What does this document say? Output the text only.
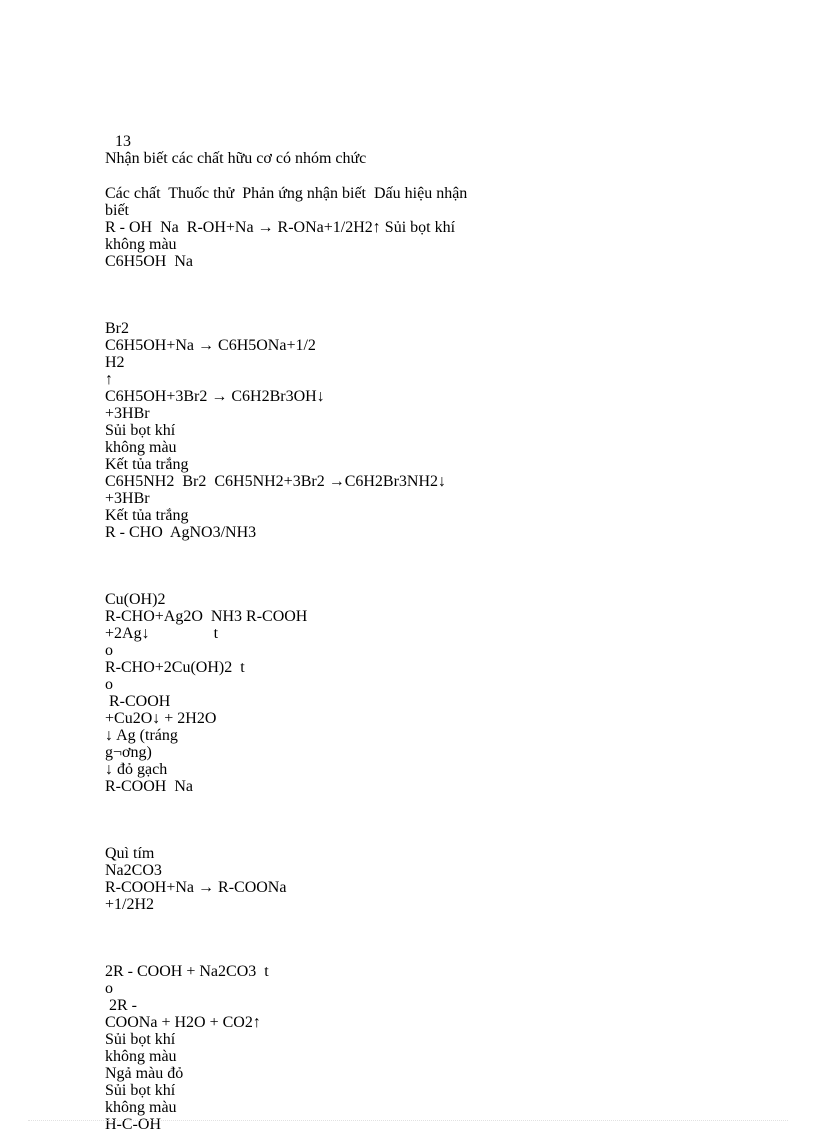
13

Nhận biết các chất hữu cơ có nhóm chức

Các chất  Thuốc thử  Phản ứng nhận biết  Dấu hiệu nhận

biết

R - OH  Na  R-OH+Na → R-ONa+1/2H2↑ Sủi bọt khí

không màu

C6H5OH  Na

Br2

C6H5OH+Na → C6H5ONa+1/2

H2

↑

C6H5OH+3Br2 → C6H2Br3OH↓

+3HBr

Sủi bọt khí

không màu

Kết tủa trắng

C6H5NH2  Br2  C6H5NH2+3Br2 →C6H2Br3NH2↓

+3HBr

Kết tủa trắng

R - CHO  AgNO3/NH3

Cu(OH)2

R-CHO+Ag2O  NH3 R-COOH

+2Ag↓                t

o

R-CHO+2Cu(OH)2  t

o

R-COOH

+Cu2O↓ + 2H2O

↓ Ag (tráng

g¬ơng)

↓ đỏ gạch

R-COOH  Na

Quì tím

Na2CO3

R-COOH+Na → R-COONa

+1/2H2

2R - COOH + Na2CO3  t

o

2R -

COONa + H2O + CO2↑

Sủi bọt khí

không màu

Ngả màu đỏ

Sủi bọt khí

không màu

H-C-OH
